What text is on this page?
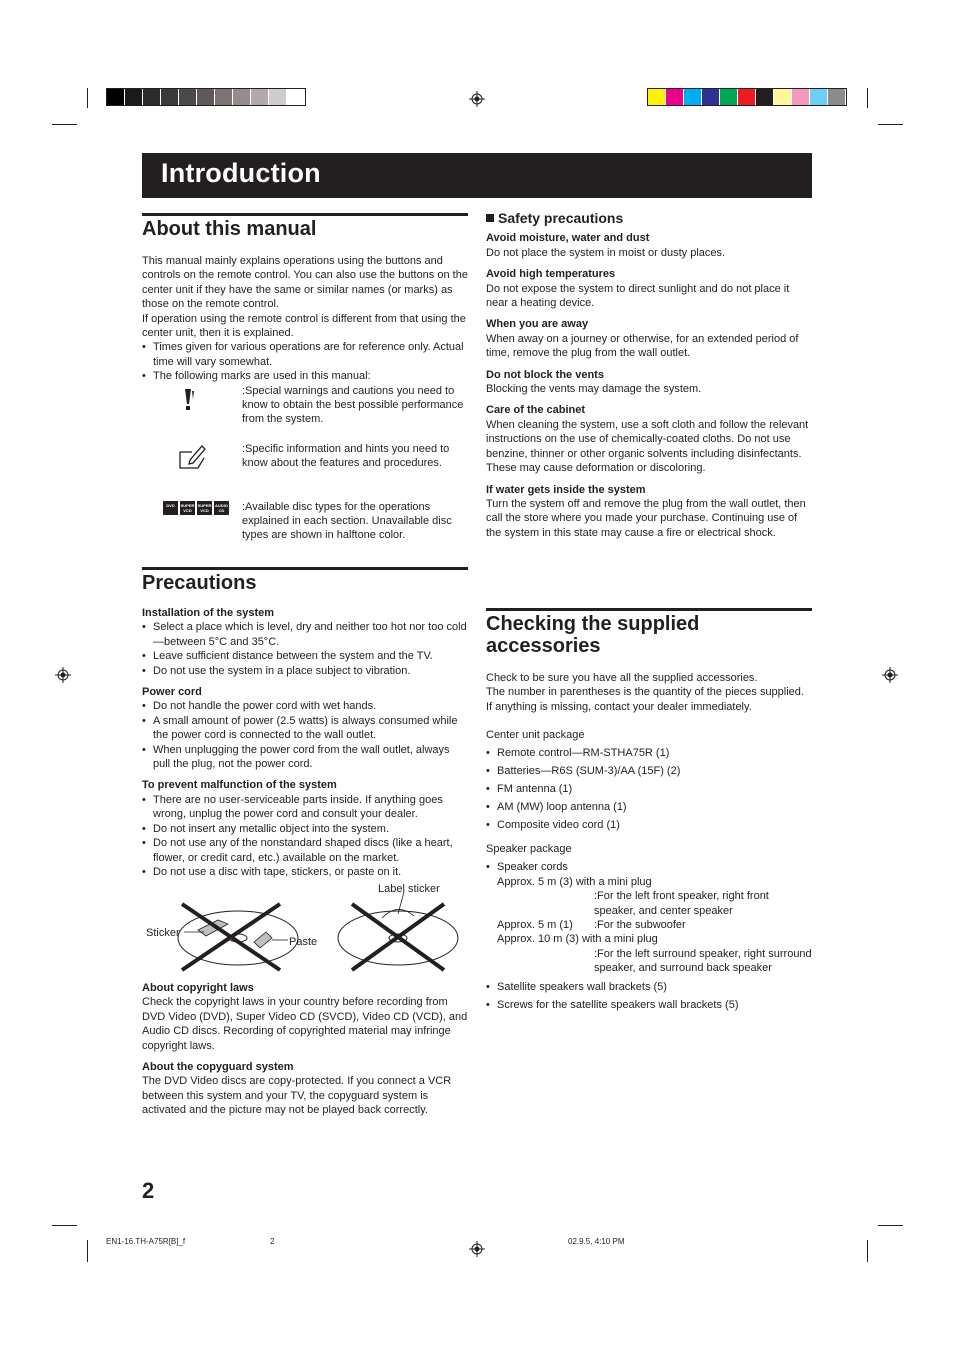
Introduction
About this manual

This manual mainly explains operations using the buttons and controls on the remote control. You can also use the buttons on the center unit if they have the same or similar names (or marks) as those on the remote control.

If operation using the remote control is different from that using the center unit, then it is explained.

• Times given for various operations are for reference only. Actual time will vary somewhat.
• The following marks are used in this manual:
:Special warnings and cautions you need to know to obtain the best possible performance from the system.
:Specific information and hints you need to know about the features and procedures.
DVD	SUPER VCD
SUPER VCD
AUDIO CD	:Available disc types for the operations explained in each section. Unavailable disc types are shown in halftone color.
Precautions
Installation of the system
• Select a place which is level, dry and neither too hot nor too cold—between 5°C and 35°C.
• Leave sufficient distance between the system and the TV.
• Do not use the system in a place subject to vibration.
Power cord
• Do not handle the power cord with wet hands.
• A small amount of power (2.5 watts) is always consumed while the power cord is connected to the wall outlet.
• When unplugging the power cord from the wall outlet, always pull the plug, not the power cord.
To prevent malfunction of the system
• There are no user-serviceable parts inside. If anything goes wrong, unplug the power cord and consult your dealer.
• Do not insert any metallic object into the system.
• Do not use any of the nonstandard shaped discs (like a heart, flower, or credit card, etc.) available on the market.
• Do not use a disc with tape, stickers, or paste on it.
Label sticker
Sticker
Paste
About copyright laws

Check the copyright laws in your country before recording from DVD Video (DVD), Super Video CD (SVCD), Video CD (VCD), and Audio CD discs. Recording of copyrighted material may infringe copyright laws.

About the copyguard system

The DVD Video discs are copy-protected. If you connect a VCR between this system and your TV, the copyguard system is activated and the picture may not be played back correctly.

Safety precautions
Avoid moisture, water and dust

Do not place the system in moist or dusty places.

Avoid high temperatures

Do not expose the system to direct sunlight and do not place it near a heating device.

When you are away

When away on a journey or otherwise, for an extended period of time, remove the plug from the wall outlet.

Do not block the vents

Blocking the vents may damage the system.

Care of the cabinet

When cleaning the system, use a soft cloth and follow the relevant instructions on the use of chemically-coated cloths. Do not use benzine, thinner or other organic solvents including disinfectants. These may cause deformation or discoloring.

If water gets inside the system

Turn the system off and remove the plug from the wall outlet, then call the store where you made your purchase. Continuing use of the system in this state may cause a fire or electrical shock.

Checking the supplied
accessories

Check to be sure you have all the supplied accessories.

The number in parentheses is the quantity of the pieces supplied.

If anything is missing, contact your dealer immediately.

Center unit package
• Remote control—RM-STHA75R (1)
• Batteries—R6S (SUM-3)/AA (15F) (2)
• FM antenna (1)
• AM (MW) loop antenna (1)
• Composite video cord (1)
Speaker package
• Speaker cords
Approx. 5 m (3) with a mini plug
:For the left front speaker, right front speaker, and center speaker
Approx. 5 m (1)	:For the subwoofer
Approx. 10 m (3) with a mini plug
:For the left surround speaker, right surround speaker, and surround back speaker
• Satellite speakers wall brackets (5)
• Screws for the satellite speakers wall brackets (5)
2
EN1-16.TH-A75R[B]_f	2	02.9.5, 4:10 PM
